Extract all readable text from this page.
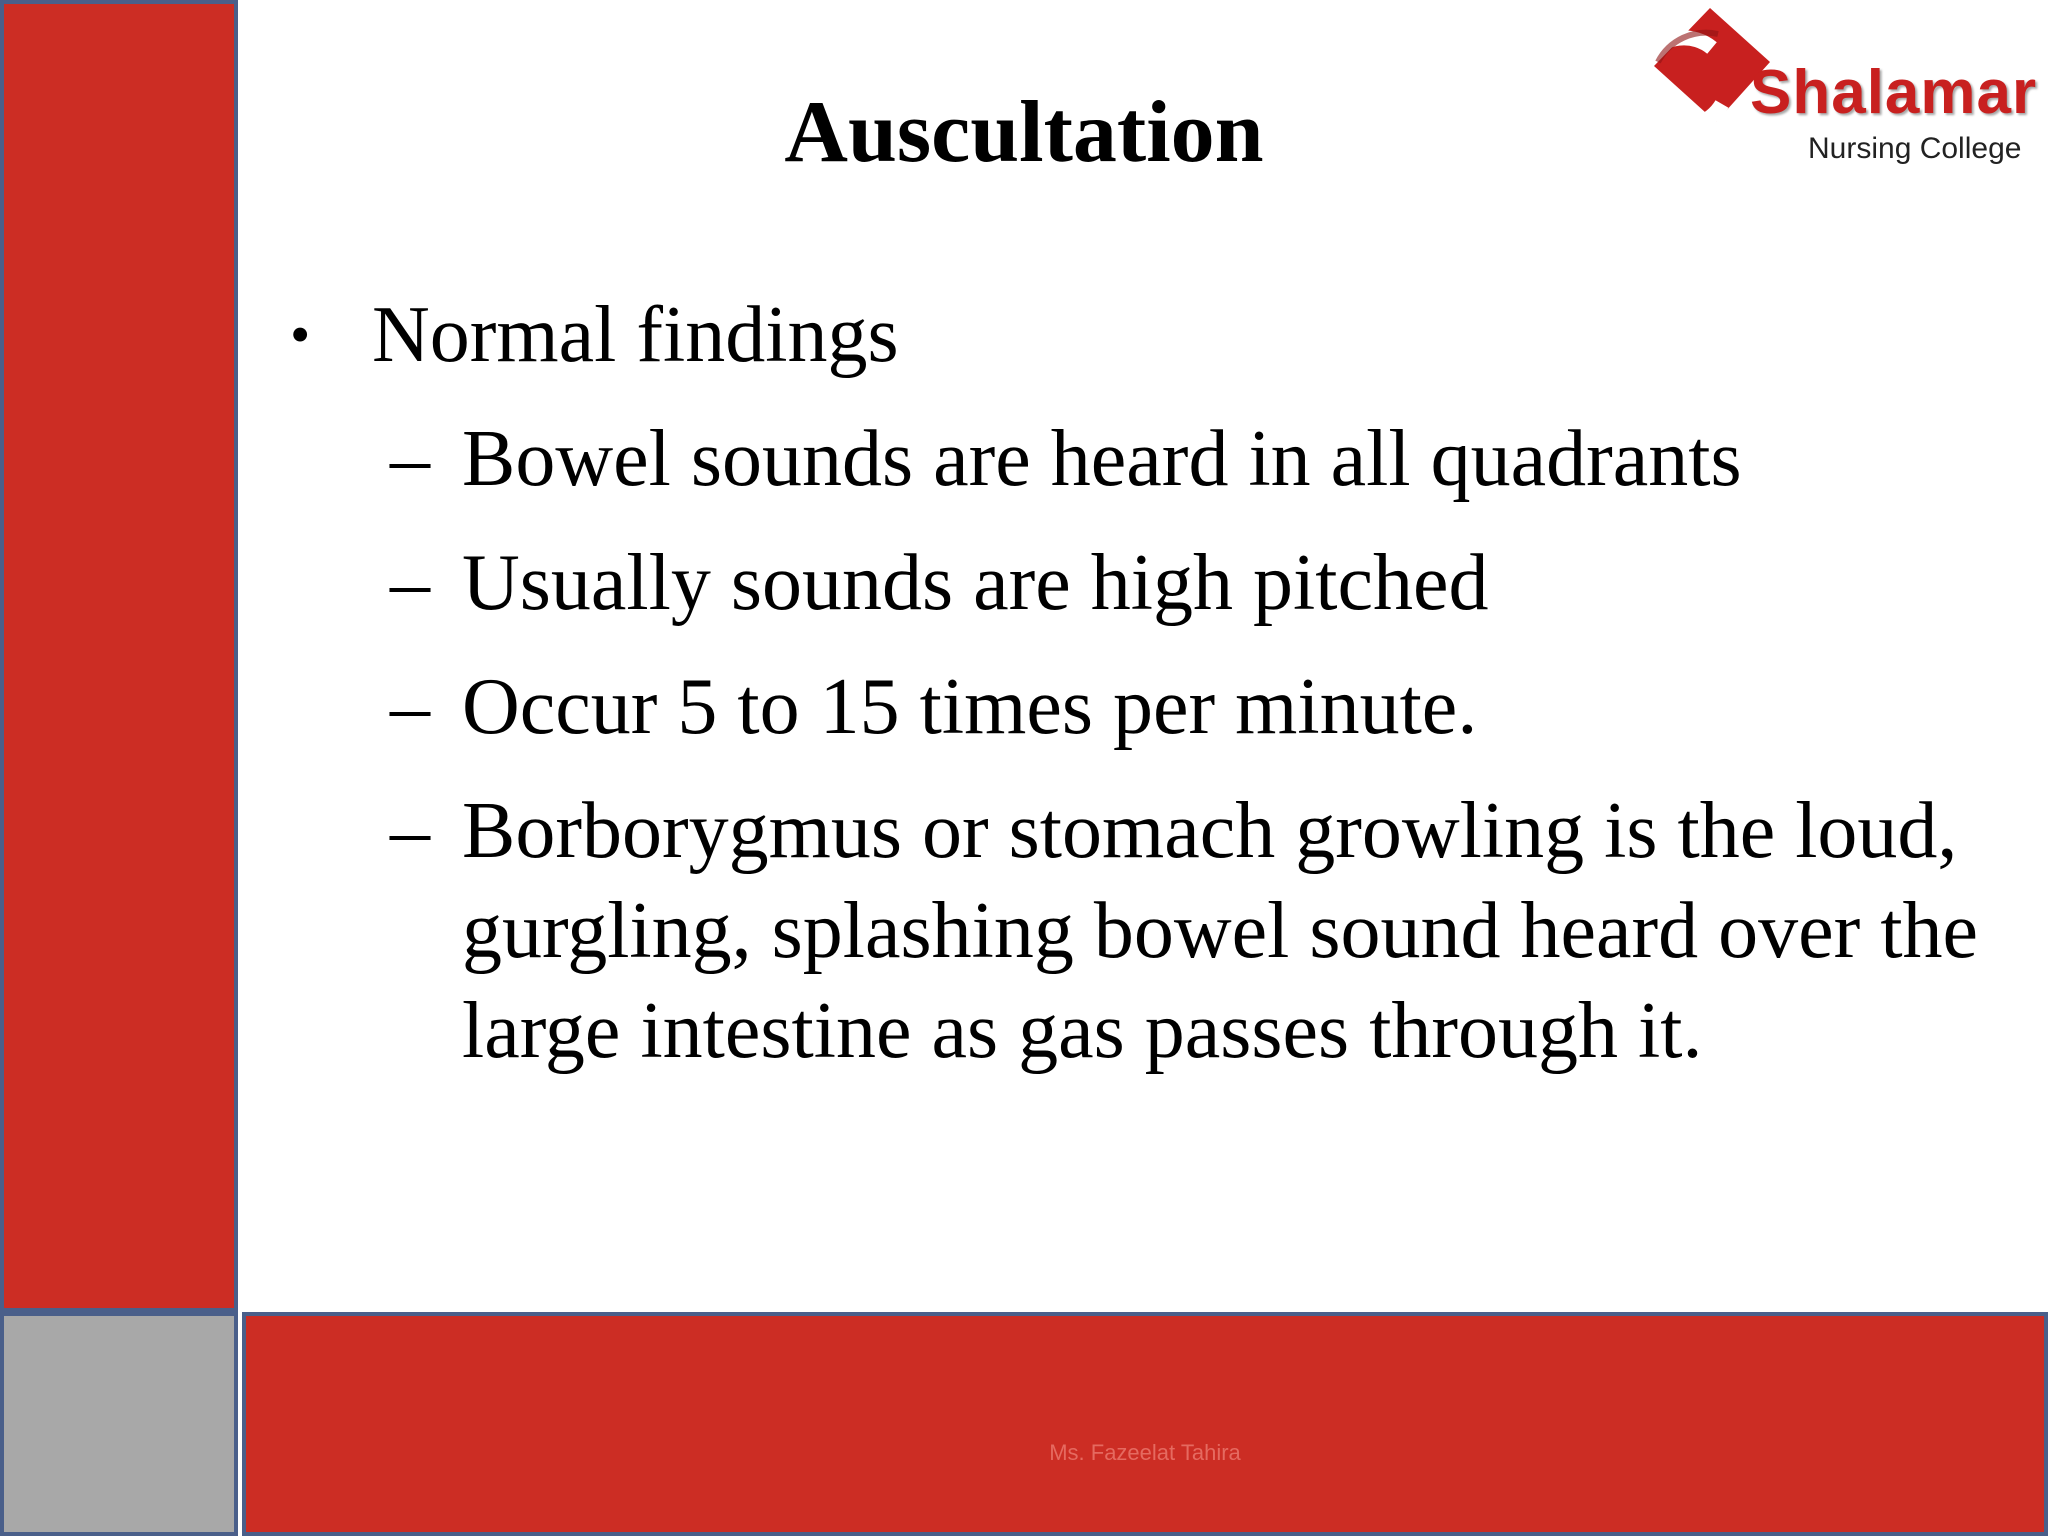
Ms. Fazeelat Tahira
Auscultation	Shalamar
Nursing College
• Normal findings
– Bowel sounds are heard in all quadrants
– Usually sounds are high pitched
– Occur 5 to 15 times per minute.
– Borborygmus or stomach growling is the loud, gurgling, splashing bowel sound heard over the large intestine as gas passes through it.
